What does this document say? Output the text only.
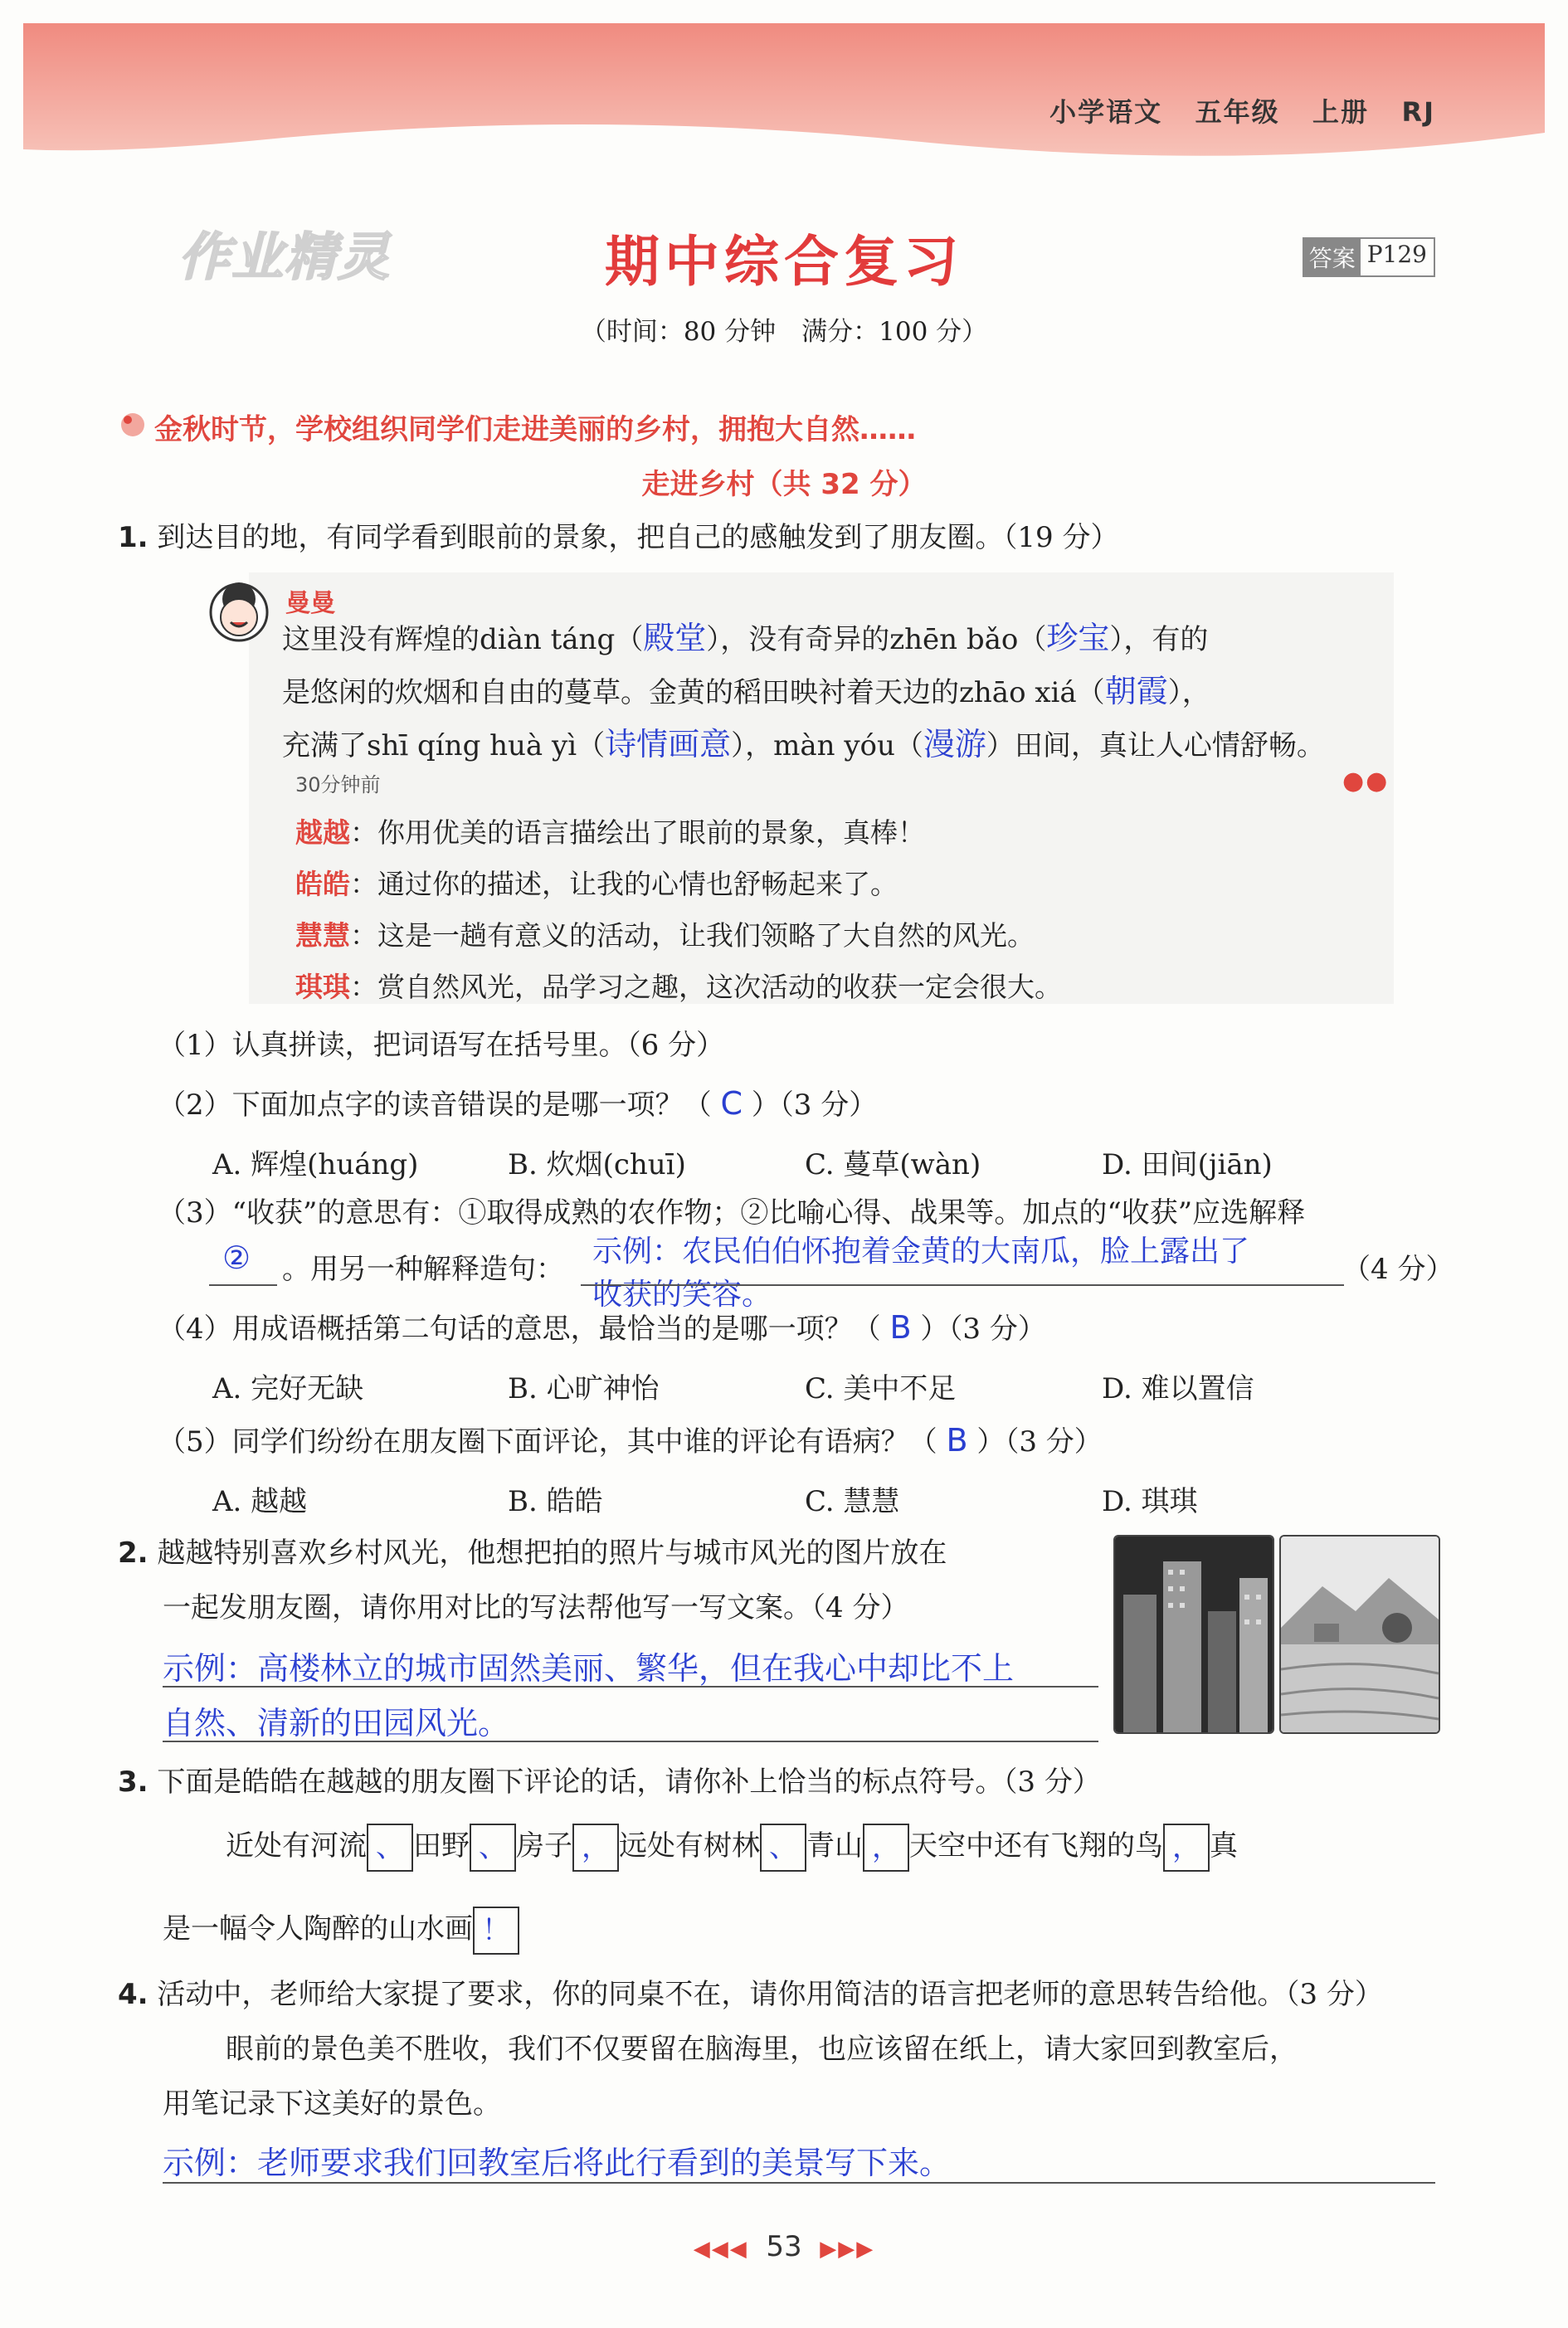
小学语文 五年级 上册 RJ
作业精灵	期中综合复习	答案 P129
（时间：80 分钟　满分：100 分）
金秋时节，学校组织同学们走进美丽的乡村，拥抱大自然……
走进乡村（共 32 分）
1. 到达目的地，有同学看到眼前的景象，把自己的感触发到了朋友圈。（19 分）
曼曼
这里没有辉煌的diàn táng（殿堂），没有奇异的zhēn bǎo（珍宝），有的
是悠闲的炊烟和自由的蔓草。金黄的稻田映衬着天边的zhāo xiá（朝霞），
充满了shī qíng huà yì（诗情画意），màn yóu（漫游）田间，真让人心情舒畅。
30分钟前	●●
越越：你用优美的语言描绘出了眼前的景象，真棒！
皓皓：通过你的描述，让我的心情也舒畅起来了。
慧慧：这是一趟有意义的活动，让我们领略了大自然的风光。
琪琪：赏自然风光，品学习之趣，这次活动的收获一定会很大。
（1）认真拼读，把词语写在括号里。（6 分）
（2）下面加点字的读音错误的是哪一项？（ C ）（3 分）
A. 辉煌(huáng)	B. 炊烟(chuī)	C. 蔓草(wàn)	D. 田间(jiān)
（3）“收获”的意思有：①取得成熟的农作物；②比喻心得、战果等。加点的“收获”应选解释
② 。用另一种解释造句：
示例：农民伯伯怀抱着金黄的大南瓜，脸上露出了
收获的笑容。
（4 分）
（4）用成语概括第二句话的意思，最恰当的是哪一项？（ B ）（3 分）
A. 完好无缺	B. 心旷神怡	C. 美中不足	D. 难以置信
（5）同学们纷纷在朋友圈下面评论，其中谁的评论有语病？（ B ）（3 分）
A. 越越	B. 皓皓	C. 慧慧	D. 琪琪
2. 越越特别喜欢乡村风光，他想把拍的照片与城市风光的图片放在
一起发朋友圈，请你用对比的写法帮他写一写文案。（4 分）
示例：高楼林立的城市固然美丽、繁华，但在我心中却比不上
自然、清新的田园风光。
3. 下面是皓皓在越越的朋友圈下评论的话，请你补上恰当的标点符号。（3 分）
近处有河流 、 田野 、 房子 ， 远处有树林 、 青山 ， 天空中还有飞翔的鸟 ， 真
是一幅令人陶醉的山水画 ！
4. 活动中，老师给大家提了要求，你的同桌不在，请你用简洁的语言把老师的意思转告给他。（3 分）
眼前的景色美不胜收，我们不仅要留在脑海里，也应该留在纸上，请大家回到教室后，
用笔记录下这美好的景色。
示例：老师要求我们回教室后将此行看到的美景写下来。
◀◀◀ 53 ▶▶▶
